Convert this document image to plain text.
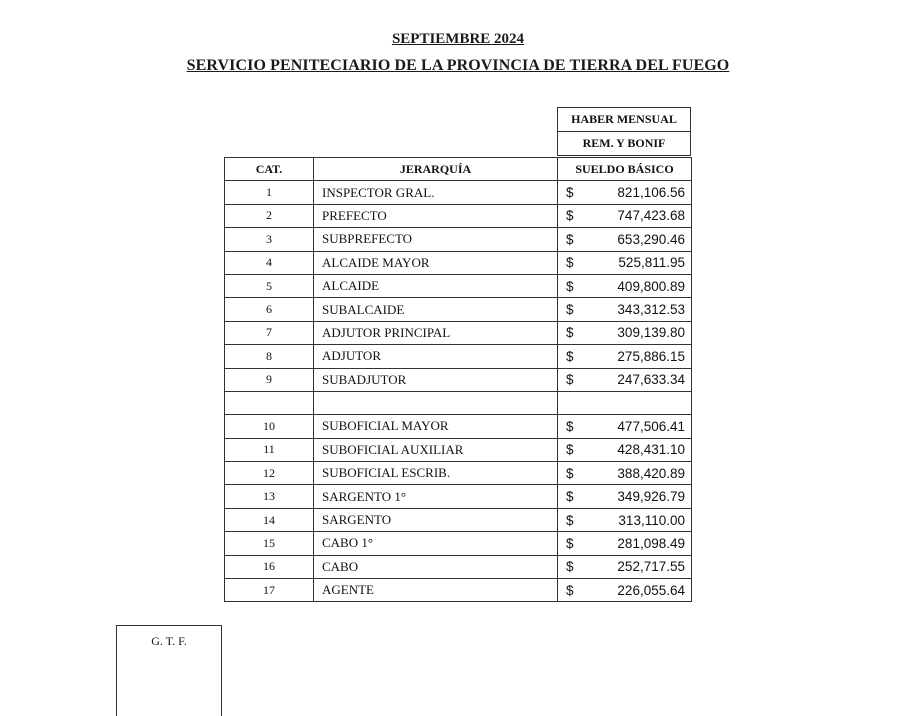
SEPTIEMBRE 2024
SERVICIO PENITECIARIO DE LA PROVINCIA DE TIERRA DEL FUEGO
HABER MENSUAL
REM. Y BONIF
CAT.	JERARQUÍA	SUELDO BÁSICO
1	INSPECTOR GRAL.	$ 821,106.56

2	PREFECTO	$ 747,423.68

3	SUBPREFECTO	$ 653,290.46

4	ALCAIDE MAYOR	$ 525,811.95

5	ALCAIDE	$ 409,800.89

6	SUBALCAIDE	$ 343,312.53

7	ADJUTOR PRINCIPAL	$ 309,139.80

8	ADJUTOR	$ 275,886.15

9	SUBADJUTOR	$ 247,633.34

10	SUBOFICIAL MAYOR	$ 477,506.41

11	SUBOFICIAL AUXILIAR	$ 428,431.10

12	SUBOFICIAL ESCRIB.	$ 388,420.89

13	SARGENTO 1°	$ 349,926.79

14	SARGENTO	$ 313,110.00

15	CABO 1°	$ 281,098.49

16	CABO	$ 252,717.55

17	AGENTE	$ 226,055.64
G. T. F.
